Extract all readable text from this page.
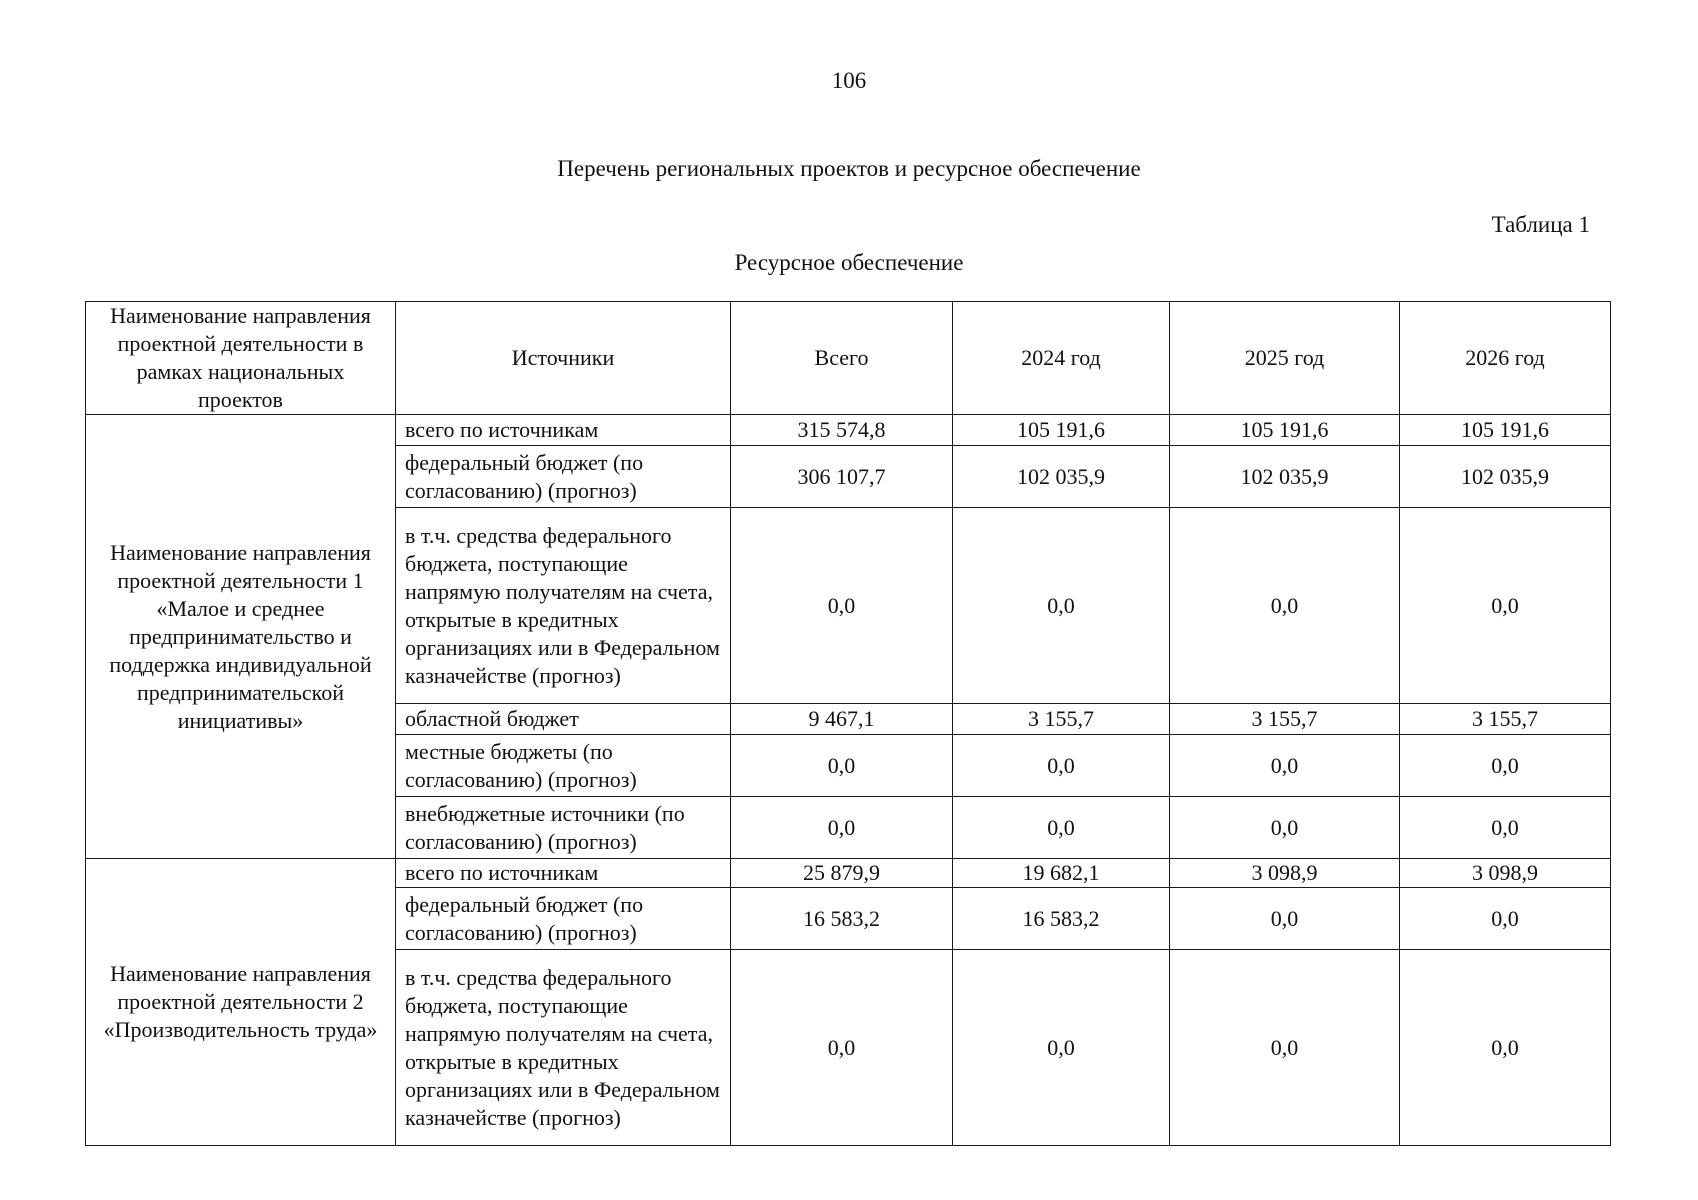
106
Перечень региональных проектов и ресурсное обеспечение
Таблица 1
Ресурсное обеспечение
Наименование направления проектной деятельности в рамках национальных проектов	Источники	Всего	2024 год	2025 год	2026 год
Наименование направления проектной деятельности 1 «Малое и среднее предпринимательство и поддержка индивидуальной предпринимательской инициативы»	всего по источникам	315 574,8	105 191,6	105 191,6	105 191,6
	федеральный бюджет (по согласованию) (прогноз)	306 107,7	102 035,9	102 035,9	102 035,9
	в т.ч. средства федерального бюджета, поступающие напрямую получателям на счета, открытые в кредитных организациях или в Федеральном казначействе (прогноз)	0,0	0,0	0,0	0,0
	областной бюджет	9 467,1	3 155,7	3 155,7	3 155,7
	местные бюджеты (по согласованию) (прогноз)	0,0	0,0	0,0	0,0
	внебюджетные источники (по согласованию) (прогноз)	0,0	0,0	0,0	0,0
Наименование направления проектной деятельности 2 «Производительность труда»	всего по источникам	25 879,9	19 682,1	3 098,9	3 098,9
	федеральный бюджет (по согласованию) (прогноз)	16 583,2	16 583,2	0,0	0,0
	в т.ч. средства федерального бюджета, поступающие напрямую получателям на счета, открытые в кредитных организациях или в Федеральном казначействе (прогноз)	0,0	0,0	0,0	0,0
